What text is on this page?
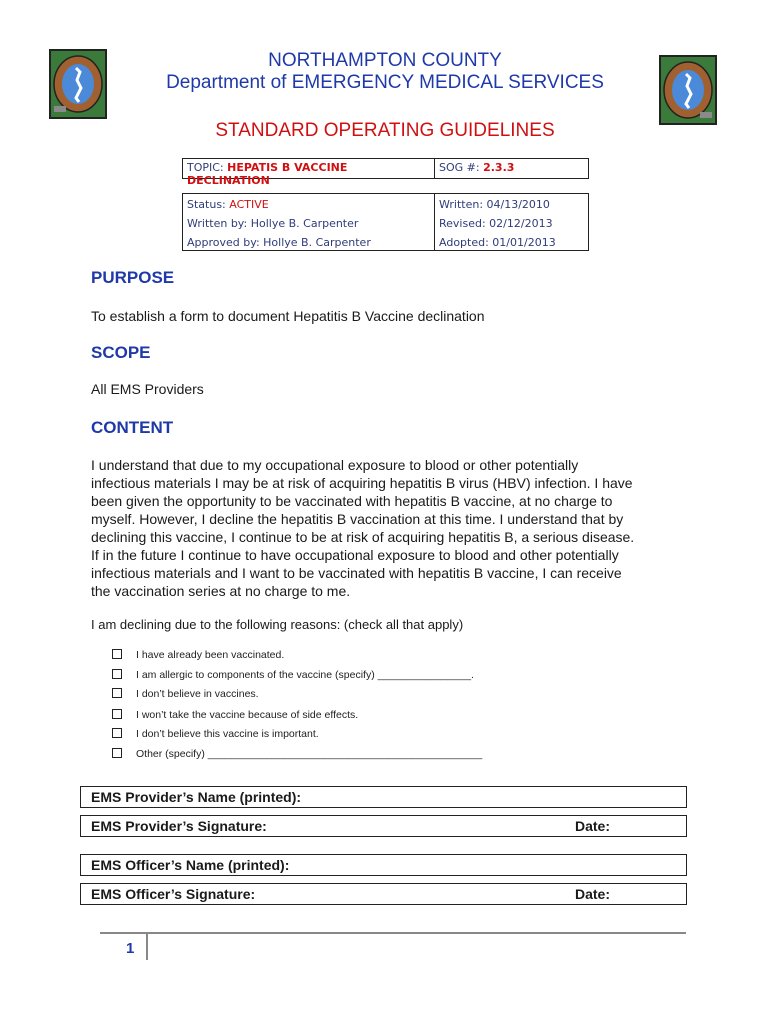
NORTHAMPTON COUNTY
Department of EMERGENCY MEDICAL SERVICES
STANDARD OPERATING GUIDELINES
TOPIC: HEPATIS B VACCINE DECLINATION
SOG #: 2.3.3
Status: ACTIVE
Written by: Hollye B. Carpenter
Approved by: Hollye B. Carpenter
Written: 04/13/2010
Revised: 02/12/2013
Adopted: 01/01/2013
PURPOSE
To establish a form to document Hepatitis B Vaccine declination
SCOPE
All EMS Providers
CONTENT
I understand that due to my occupational exposure to blood or other potentially
infectious materials I may be at risk of acquiring hepatitis B virus (HBV) infection. I have
been given the opportunity to be vaccinated with hepatitis B vaccine, at no charge to
myself. However, I decline the hepatitis B vaccination at this time. I understand that by
declining this vaccine, I continue to be at risk of acquiring hepatitis B, a serious disease.
If in the future I continue to have occupational exposure to blood and other potentially
infectious materials and I want to be vaccinated with hepatitis B vaccine, I can receive
the vaccination series at no charge to me.
I am declining due to the following reasons: (check all that apply)
I have already been vaccinated.
I am allergic to components of the vaccine (specify) ________________.
I don’t believe in vaccines.
I won’t take the vaccine because of side effects.
I don’t believe this vaccine is important.
Other (specify) _______________________________________________
EMS Provider’s Name (printed):
EMS Provider’s Signature:	Date:
EMS Officer’s Name (printed):
EMS Officer’s Signature:	Date:
1
